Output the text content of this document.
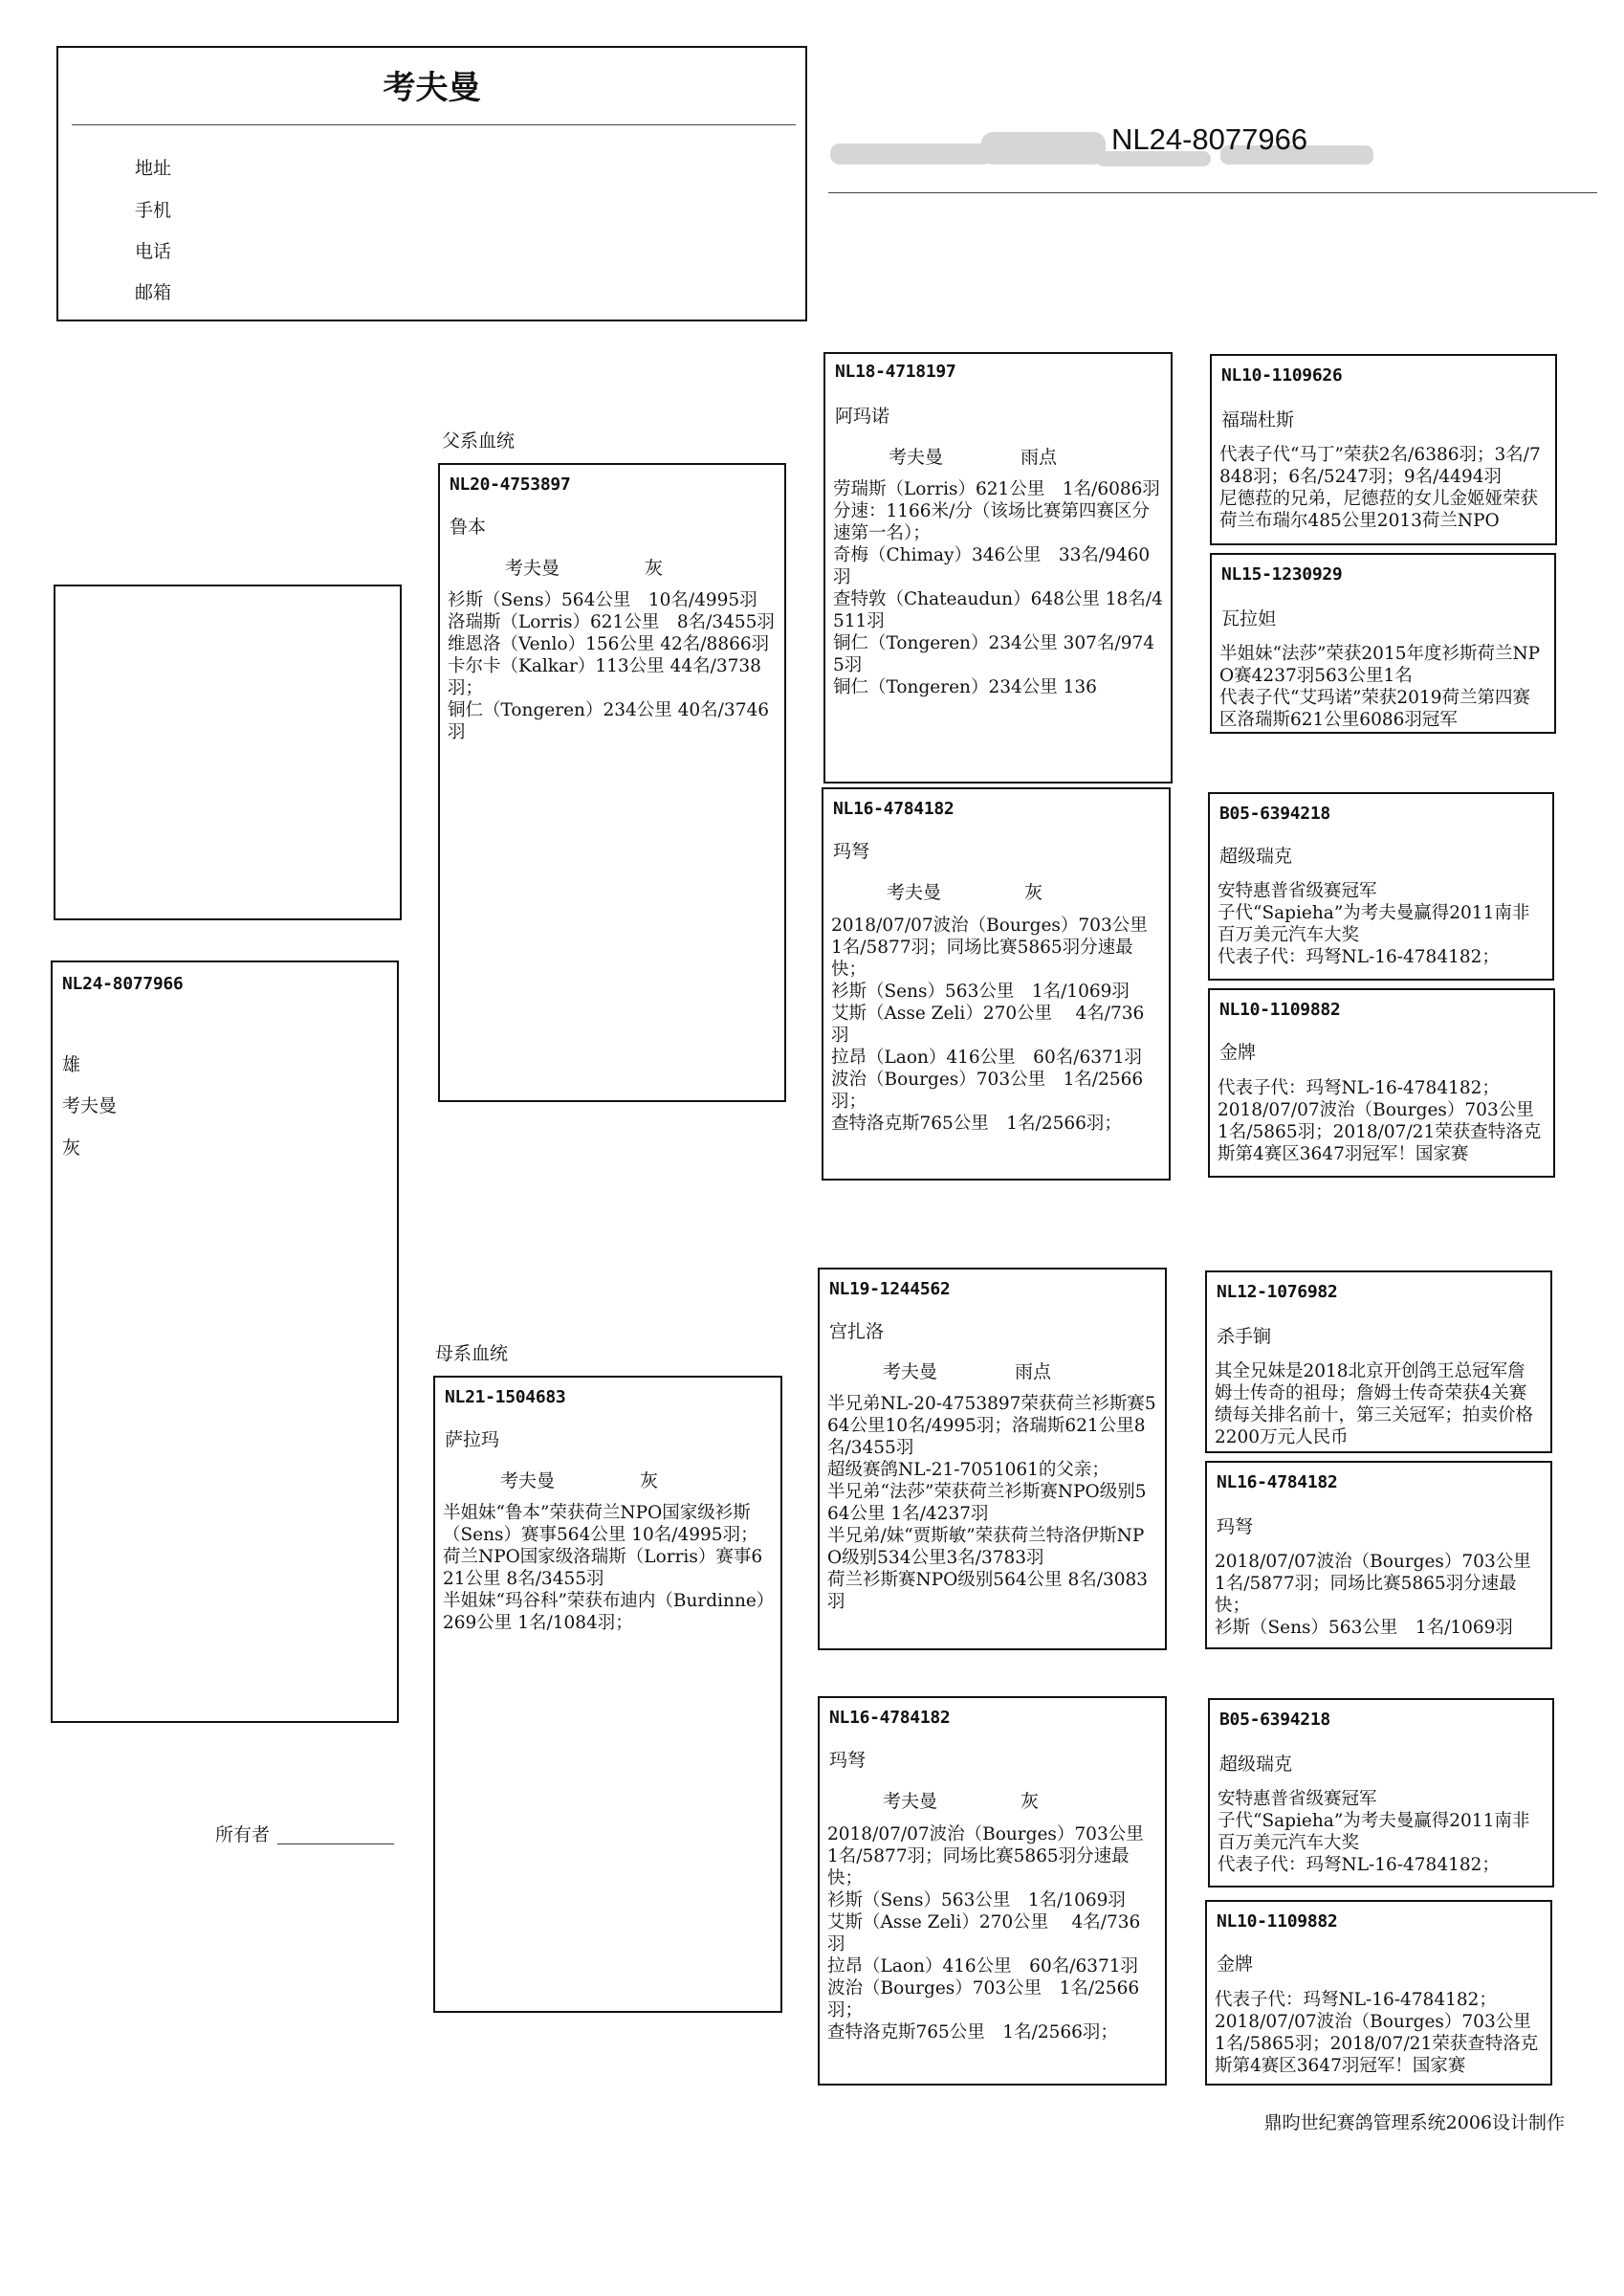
考夫曼
地址
手机
电话
邮箱
NL24-8077966
NL24-8077966
雄
考夫曼
灰
所有者
父系血统
母系血统
NL20-4753897
鲁本
考夫曼	灰
衫斯（Sens）564公里　10名/4995羽
洛瑞斯（Lorris）621公里　8名/3455羽
维恩洛（Venlo）156公里 42名/8866羽
卡尔卡（Kalkar）113公里 44名/3738羽；
铜仁（Tongeren）234公里 40名/3746羽
NL21-1504683
萨拉玛
考夫曼	灰
半姐妹“鲁本”荣获荷兰NPO国家级衫斯（Sens）赛事564公里 10名/4995羽；荷兰NPO国家级洛瑞斯（Lorris）赛事621公里 8名/3455羽
半姐妹“玛谷科”荣获布迪内（Burdinne）269公里 1名/1084羽；
NL18-4718197
阿玛诺
考夫曼	雨点
劳瑞斯（Lorris）621公里　1名/6086羽 分速：1166米/分（该场比赛第四赛区分速第一名）；
奇梅（Chimay）346公里　33名/9460羽
查特敦（Chateaudun）648公里 18名/4511羽
铜仁（Tongeren）234公里 307名/9745羽
铜仁（Tongeren）234公里 136
NL16-4784182
玛弩
考夫曼	灰
2018/07/07波治（Bourges）703公里　1名/5877羽；同场比赛5865羽分速最快；
衫斯（Sens）563公里　1名/1069羽
艾斯（Asse Zeli）270公里　 4名/736羽
拉昂（Laon）416公里　60名/6371羽
波治（Bourges）703公里　1名/2566羽；
查特洛克斯765公里　1名/2566羽；
NL19-1244562
宫扎洛
考夫曼	雨点
半兄弟NL-20-4753897荣获荷兰衫斯赛564公里10名/4995羽；洛瑞斯621公里8名/3455羽
超级赛鸽NL-21-7051061的父亲；
半兄弟“法莎”荣获荷兰衫斯赛NPO级别564公里 1名/4237羽
半兄弟/妹“贾斯敏”荣获荷兰特洛伊斯NPO级别534公里3名/3783羽
荷兰衫斯赛NPO级别564公里 8名/3083羽
NL16-4784182
玛弩
考夫曼	灰
2018/07/07波治（Bourges）703公里　1名/5877羽；同场比赛5865羽分速最快；
衫斯（Sens）563公里　1名/1069羽
艾斯（Asse Zeli）270公里　 4名/736羽
拉昂（Laon）416公里　60名/6371羽
波治（Bourges）703公里　1名/2566羽；
查特洛克斯765公里　1名/2566羽；
NL10-1109626
福瑞杜斯
代表子代“马丁”荣获2名/6386羽；3名/7848羽；6名/5247羽；9名/4494羽
尼德菈的兄弟，尼德菈的女儿金姬娅荣获荷兰布瑞尔485公里2013荷兰NPO
NL15-1230929
瓦拉妲
半姐妹“法莎”荣获2015年度衫斯荷兰NPO赛4237羽563公里1名
代表子代“艾玛诺”荣获2019荷兰第四赛区洛瑞斯621公里6086羽冠军
B05-6394218
超级瑞克
安特惠普省级赛冠军
子代“Sapieha”为考夫曼赢得2011南非百万美元汽车大奖
代表子代：玛弩NL-16-4784182；
NL10-1109882
金牌
代表子代：玛弩NL-16-4784182；
2018/07/07波治（Bourges）703公里　1名/5865羽；2018/07/21荣获查特洛克斯第4赛区3647羽冠军！国家赛
NL12-1076982
杀手锏
其全兄妹是2018北京开创鸽王总冠军詹姆士传奇的祖母；詹姆士传奇荣获4关赛绩每关排名前十，第三关冠军；拍卖价格2200万元人民币
NL16-4784182
玛弩
2018/07/07波治（Bourges）703公里　1名/5877羽；同场比赛5865羽分速最快；
衫斯（Sens）563公里　1名/1069羽
B05-6394218
超级瑞克
安特惠普省级赛冠军
子代“Sapieha”为考夫曼赢得2011南非百万美元汽车大奖
代表子代：玛弩NL-16-4784182；
NL10-1109882
金牌
代表子代：玛弩NL-16-4784182；
2018/07/07波治（Bourges）703公里　1名/5865羽；2018/07/21荣获查特洛克斯第4赛区3647羽冠军！国家赛
鼎昀世纪赛鸽管理系统2006设计制作
